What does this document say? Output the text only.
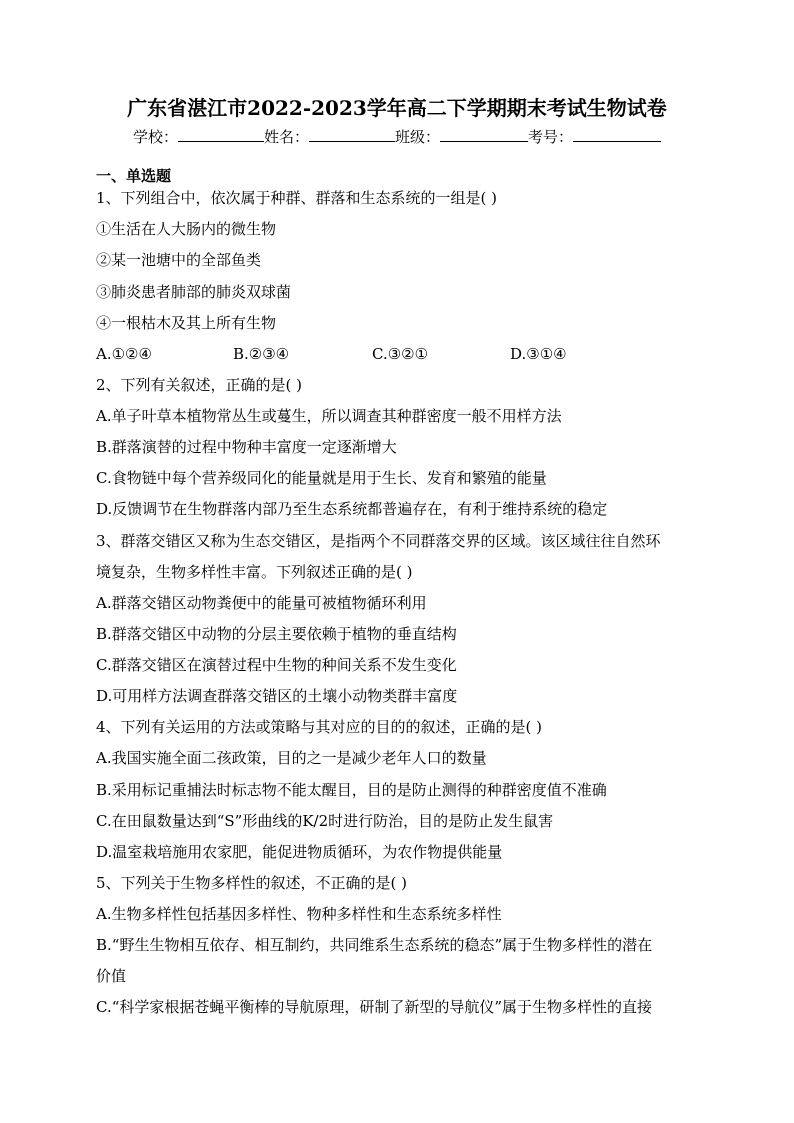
广东省湛江市2022-2023学年高二下学期期末考试生物试卷
学校：	姓名：	班级：	考号：
一、单选题
1、下列组合中，依次属于种群、群落和生态系统的一组是( )
①生活在人大肠内的微生物
②某一池塘中的全部鱼类
③肺炎患者肺部的肺炎双球菌
④一根枯木及其上所有生物
A.①②④	B.②③④	C.③②①	D.③①④
2、下列有关叙述，正确的是( )
A.单子叶草本植物常丛生或蔓生，所以调查其种群密度一般不用样方法
B.群落演替的过程中物种丰富度一定逐渐增大
C.食物链中每个营养级同化的能量就是用于生长、发育和繁殖的能量
D.反馈调节在生物群落内部乃至生态系统都普遍存在，有利于维持系统的稳定
3、群落交错区又称为生态交错区，是指两个不同群落交界的区域。该区域往往自然环
境复杂，生物多样性丰富。下列叙述正确的是( )
A.群落交错区动物粪便中的能量可被植物循环利用
B.群落交错区中动物的分层主要依赖于植物的垂直结构
C.群落交错区在演替过程中生物的种间关系不发生变化
D.可用样方法调查群落交错区的土壤小动物类群丰富度
4、下列有关运用的方法或策略与其对应的目的的叙述，正确的是( )
A.我国实施全面二孩政策，目的之一是减少老年人口的数量
B.采用标记重捕法时标志物不能太醒目，目的是防止测得的种群密度值不准确
C.在田鼠数量达到“S”形曲线的K/2时进行防治，目的是防止发生鼠害
D.温室栽培施用农家肥，能促进物质循环，为农作物提供能量
5、下列关于生物多样性的叙述，不正确的是( )
A.生物多样性包括基因多样性、物种多样性和生态系统多样性
B.“野生生物相互依存、相互制约，共同维系生态系统的稳态”属于生物多样性的潜在
价值
C.“科学家根据苍蝇平衡棒的导航原理，研制了新型的导航仪”属于生物多样性的直接
